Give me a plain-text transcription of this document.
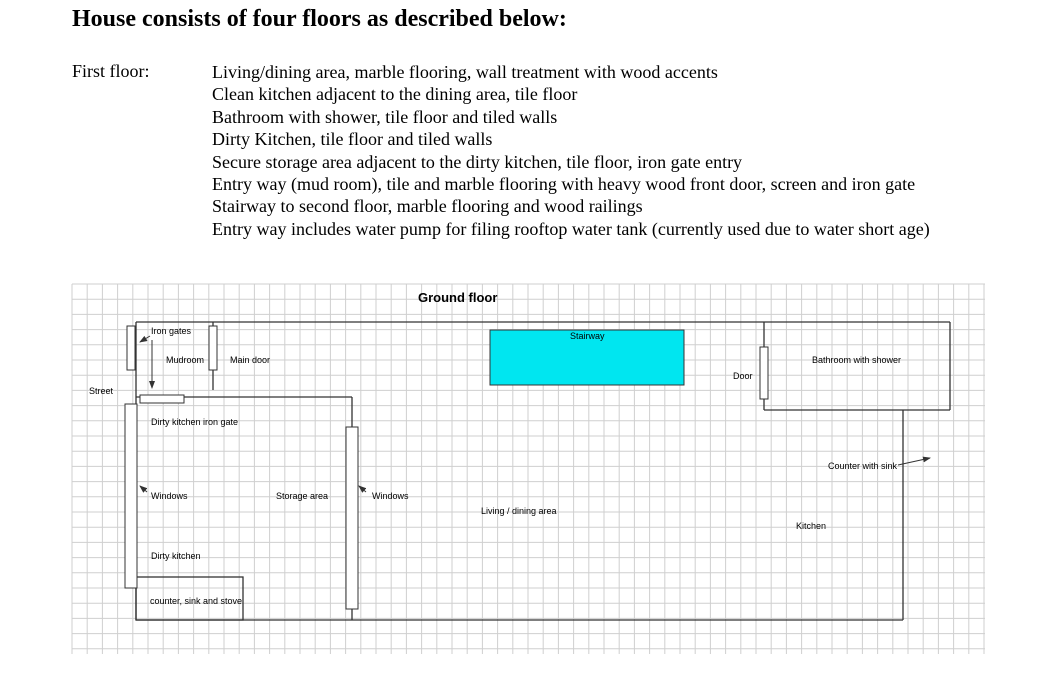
House consists of four floors as described below:
First floor:	Living/dining area, marble flooring, wall treatment with wood accents
Clean kitchen adjacent to the dining area, tile floor
Bathroom with shower, tile floor and tiled walls
Dirty Kitchen, tile floor and tiled walls
Secure storage area adjacent to the dirty kitchen, tile floor, iron gate entry
Entry way (mud room), tile and marble flooring with heavy wood front door, screen and iron gate
Stairway to second floor, marble flooring and wood railings
Entry way includes water pump for filing rooftop water tank (currently used due to water short age)
Ground floor
Street
Iron gates
Mudroom	Main door
Stairway
Door
Bathroom with shower
Dirty kitchen iron gate
Windows	Storage area	Windows
Counter with sink
Living / dining area
Kitchen
Dirty kitchen
counter, sink and stove
